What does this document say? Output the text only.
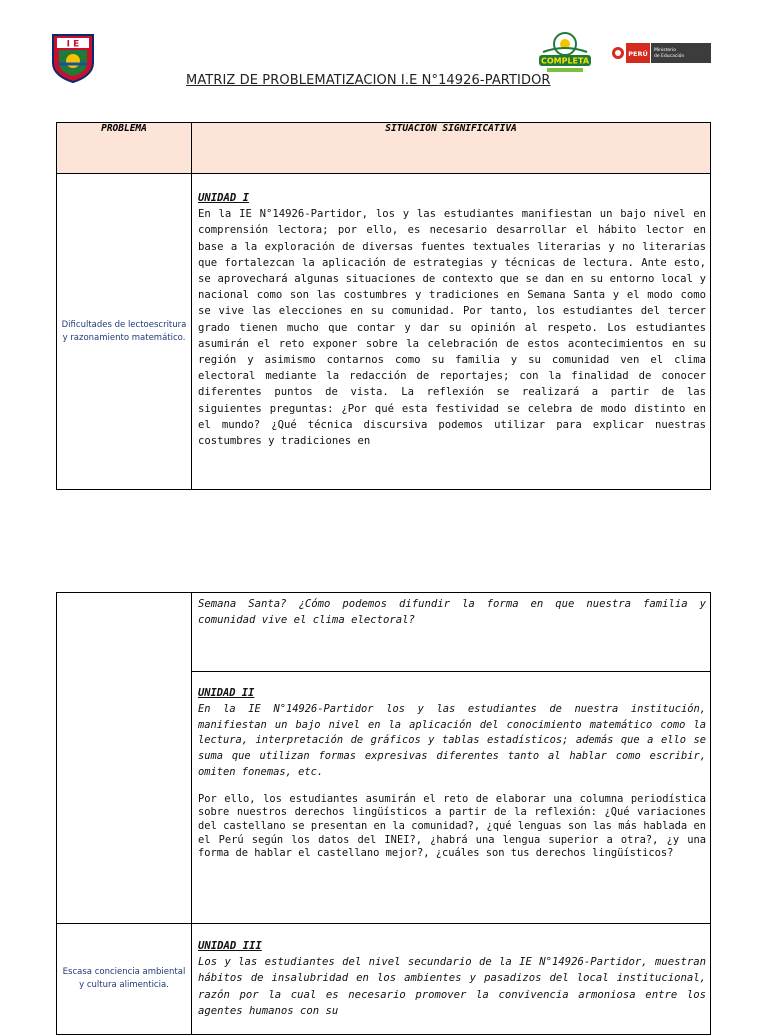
I E
COMPLETA
PERÚ Ministerio
de Educación
MATRIZ DE PROBLEMATIZACION I.E N°14926-PARTIDOR
PROBLEMA	SITUACION SIGNIFICATIVA
Dificultades de lectoescritura y razonamiento matemático.	UNIDAD I

En la IE N°14926-Partidor, los y las estudiantes manifiestan un bajo nivel en comprensión lectora; por ello, es necesario desarrollar el hábito lector en base a la exploración de diversas fuentes textuales literarias y no literarias que fortalezcan la aplicación de estrategias y técnicas de lectura. Ante esto, se aprovechará algunas situaciones de contexto que se dan en su entorno local y nacional como son las costumbres y tradiciones en Semana Santa y el modo como se vive las elecciones en su comunidad. Por tanto, los estudiantes del tercer grado tienen mucho que contar y dar su opinión al respeto. Los estudiantes asumirán el reto exponer sobre la celebración de estos acontecimientos en su región y asimismo contarnos como su familia y su comunidad ven el clima electoral mediante la redacción de reportajes; con la finalidad de conocer diferentes puntos de vista. La reflexión se realizará a partir de las siguientes preguntas: ¿Por qué esta festividad se celebra de modo distinto en el mundo? ¿Qué técnica discursiva podemos utilizar para explicar nuestras costumbres y tradiciones en

	Semana Santa? ¿Cómo podemos difundir la forma en que nuestra familia y comunidad vive el clima electoral?

	UNIDAD II

En la IE N°14926-Partidor los y las estudiantes de nuestra institución, manifiestan un bajo nivel en la aplicación del conocimiento matemático como la lectura, interpretación de gráficos y tablas estadísticos; además que a ello se suma que utilizan formas expresivas diferentes tanto al hablar como escribir, omiten fonemas, etc.

Por ello, los estudiantes asumirán el reto de elaborar una columna periodística sobre nuestros derechos lingüísticos a partir de la reflexión: ¿Qué variaciones del castellano se presentan en la comunidad?, ¿qué lenguas son las más hablada en el Perú según los datos del INEI?, ¿habrá una lengua superior a otra?, ¿y una forma de hablar el castellano mejor?, ¿cuáles son tus derechos lingüísticos?

Escasa conciencia ambiental y cultura alimenticia.	UNIDAD III

Los y las estudiantes del nivel secundario de la IE N°14926-Partidor, muestran hábitos de insalubridad en los ambientes y pasadizos del local institucional, razón por la cual es necesario promover la convivencia armoniosa entre los agentes humanos con su
